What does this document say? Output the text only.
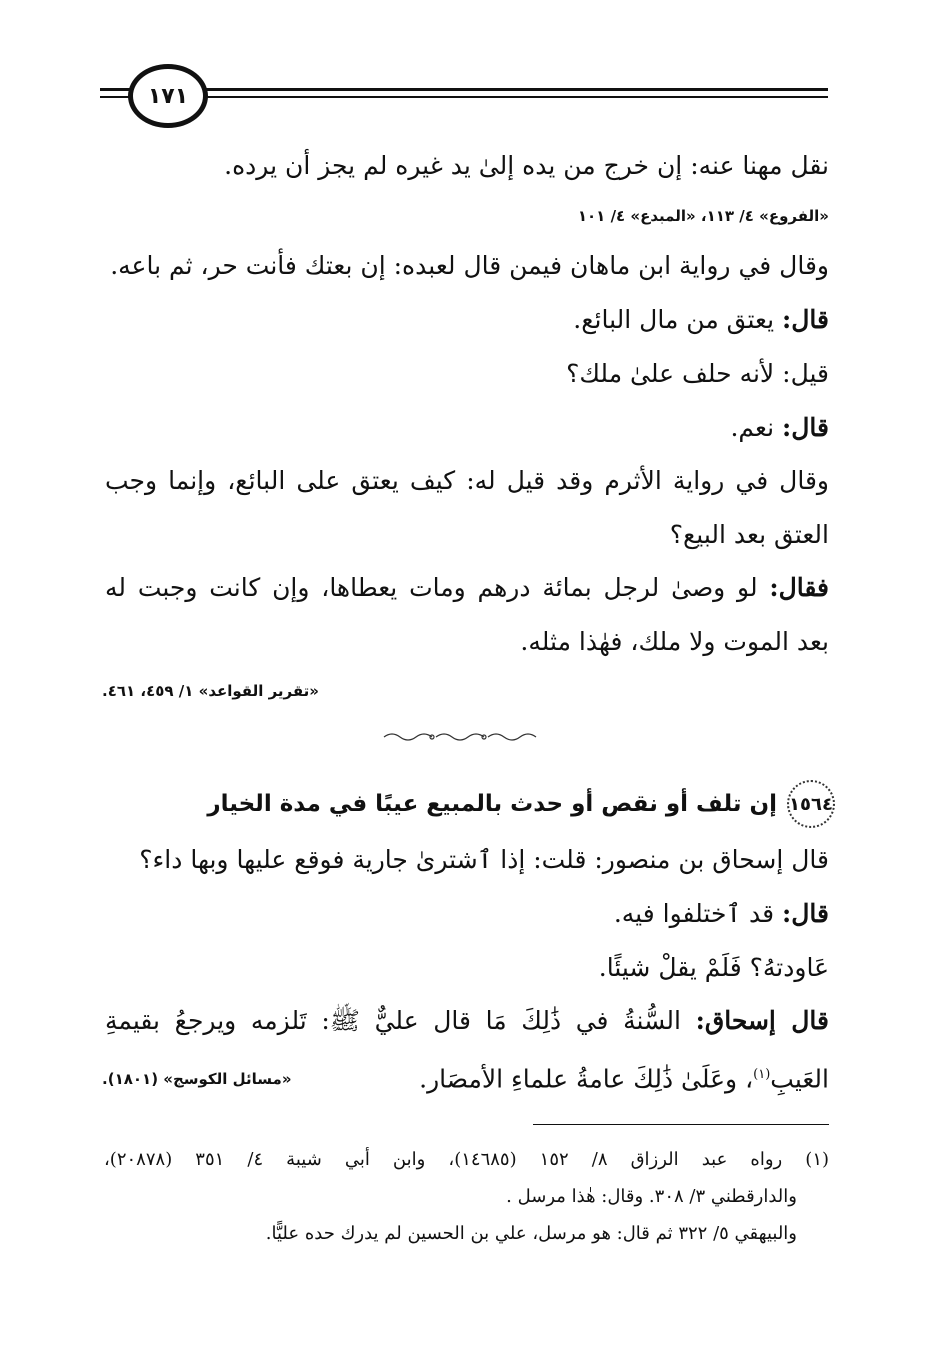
١٧١
نقل مهنا عنه: إن خرج من يده إلىٰ يد غيره لم يجز أن يرده.
«الفروع» ٤/ ١١٣، «المبدع» ٤/ ١٠١
وقال في رواية ابن ماهان فيمن قال لعبده: إن بعتك فأنت حر، ثم باعه.
قال: يعتق من مال البائع.
قيل: لأنه حلف علىٰ ملك؟
قال: نعم.
وقال في رواية الأثرم وقد قيل له: كيف يعتق على البائع، وإنما وجب
العتق بعد البيع؟
فقال: لو وصىٰ لرجل بمائة درهم ومات يعطاها، وإن كانت وجبت له
بعد الموت ولا ملك، فهٰذا مثله.
«تقرير القواعد» ١/ ٤٥٩، ٤٦١.
١٥٦٤
إن تلف أو نقص أو حدث بالمبيع عيبًا في مدة الخيار
قال إسحاق بن منصور: قلت: إذا ٱشترىٰ جارية فوقع عليها وبها داء؟
قال: قد ٱختلفوا فيه.
عَاودتهُ؟ فَلَمْ يقلْ شيئًا.
قال إسحاق: السُّنةُ في ذَٰلِكَ مَا قال عليٌّ ﷺ: تَلزمه ويرجعُ بقيمةِ
العَيبِ$^{(١)}$، وعَلَىٰ ذَٰلِكَ عامةُ علماءِ الأمصَار.
«مسائل الكوسج» (١٨٠١).
(١) رواه عبد الرزاق ٨/ ١٥٢ (١٤٦٨٥)، وابن أبي شيبة ٤/ ٣٥١ (٢٠٨٧٨)،
والدارقطني ٣/ ٣٠٨. وقال: هٰذا مرسل .
والبيهقي ٥/ ٣٢٢ ثم قال: هو مرسل، علي بن الحسين لم يدرك حده عليًّا.
